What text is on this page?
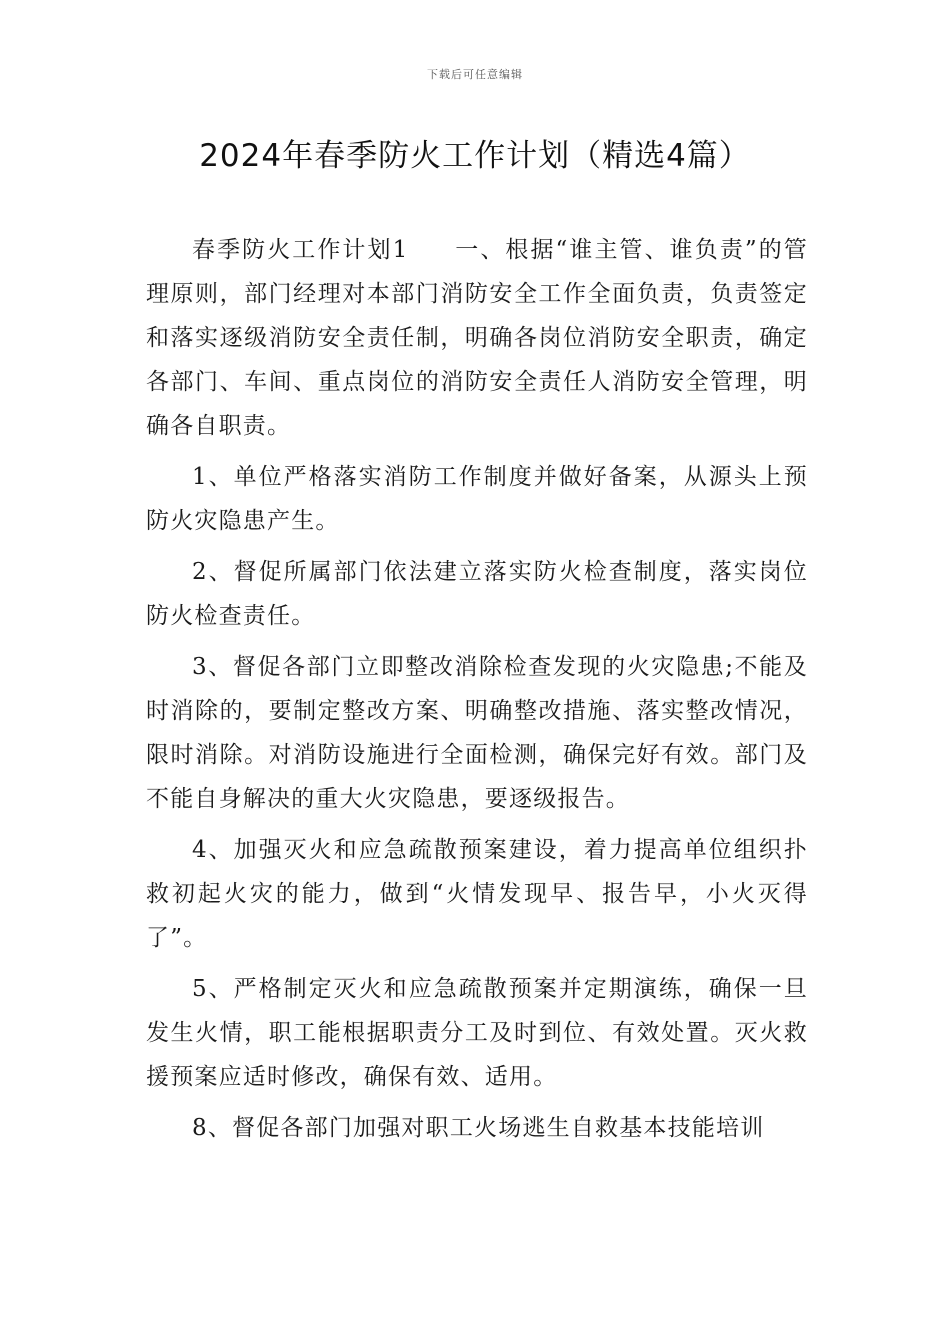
下载后可任意编辑
2024年春季防火工作计划（精选4篇）

春季防火工作计划1 一、根据“谁主管、谁负责”的管理原则，部门经理对本部门消防安全工作全面负责，负责签定和落实逐级消防安全责任制，明确各岗位消防安全职责，确定各部门、车间、重点岗位的消防安全责任人消防安全管理，明确各自职责。

1、单位严格落实消防工作制度并做好备案，从源头上预防火灾隐患产生。

2、督促所属部门依法建立落实防火检查制度，落实岗位防火检查责任。

3、督促各部门立即整改消除检查发现的火灾隐患;不能及时消除的，要制定整改方案、明确整改措施、落实整改情况，限时消除。对消防设施进行全面检测，确保完好有效。部门及不能自身解决的重大火灾隐患，要逐级报告。

4、加强灭火和应急疏散预案建设，着力提高单位组织扑救初起火灾的能力，做到“火情发现早、报告早，小火灭得了”。

5、严格制定灭火和应急疏散预案并定期演练，确保一旦发生火情，职工能根据职责分工及时到位、有效处置。灭火救援预案应适时修改，确保有效、适用。

8、督促各部门加强对职工火场逃生自救基本技能培训
